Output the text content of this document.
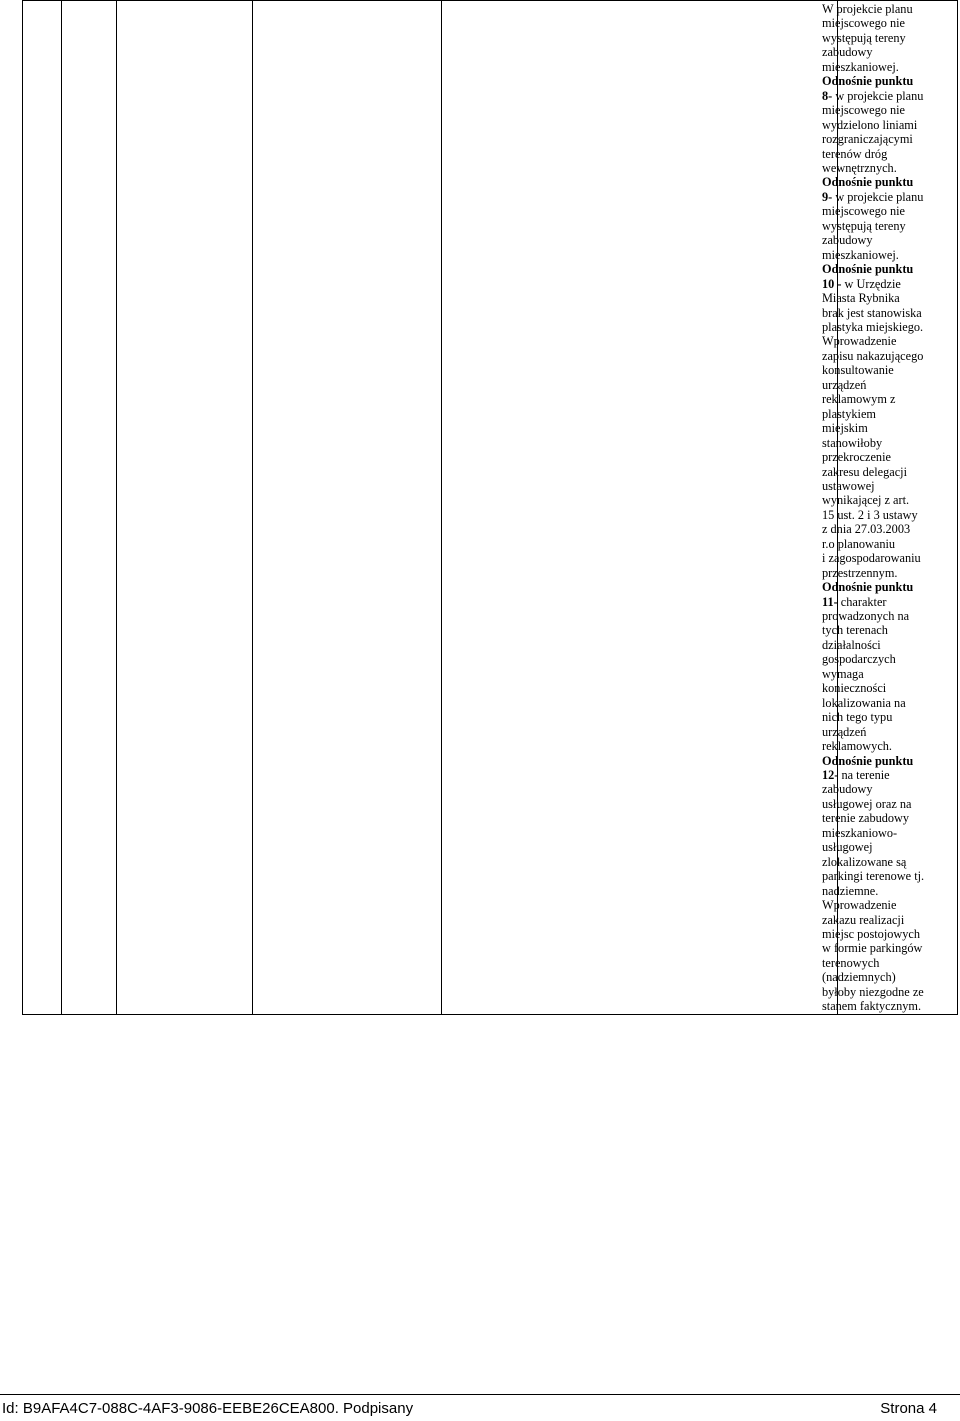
W projekcie planu
miejscowego nie
występują tereny
zabudowy
mieszkaniowej.
Odnośnie punktu
8- w projekcie planu
miejscowego nie
wydzielono liniami
rozgraniczającymi
terenów dróg
wewnętrznych.
Odnośnie punktu
9- w projekcie planu
miejscowego nie
występują tereny
zabudowy
mieszkaniowej.
Odnośnie punktu
10 - w Urzędzie
Miasta Rybnika
brak jest stanowiska
plastyka miejskiego.
Wprowadzenie
zapisu nakazującego
konsultowanie
urządzeń
reklamowym z
plastykiem
miejskim
stanowiłoby
przekroczenie
zakresu delegacji
ustawowej
wynikającej z art.
15 ust. 2 i 3 ustawy
z dnia 27.03.2003
r.o planowaniu
i zagospodarowaniu
przestrzennym.
Odnośnie punktu
11- charakter
prowadzonych na
tych terenach
działalności
gospodarczych
wymaga
konieczności
lokalizowania na
nich tego typu
urządzeń
reklamowych.
Odnośnie punktu
12- na terenie
zabudowy
usługowej oraz na
terenie zabudowy
mieszkaniowo-
usługowej
zlokalizowane są
parkingi terenowe tj.
nadziemne.
Wprowadzenie
zakazu realizacji
miejsc postojowych
w formie parkingów
terenowych
(nadziemnych)
byłoby niezgodne ze
stanem faktycznym.
Id: B9AFA4C7-088C-4AF3-9086-EEBE26CEA800. Podpisany	Strona 4
